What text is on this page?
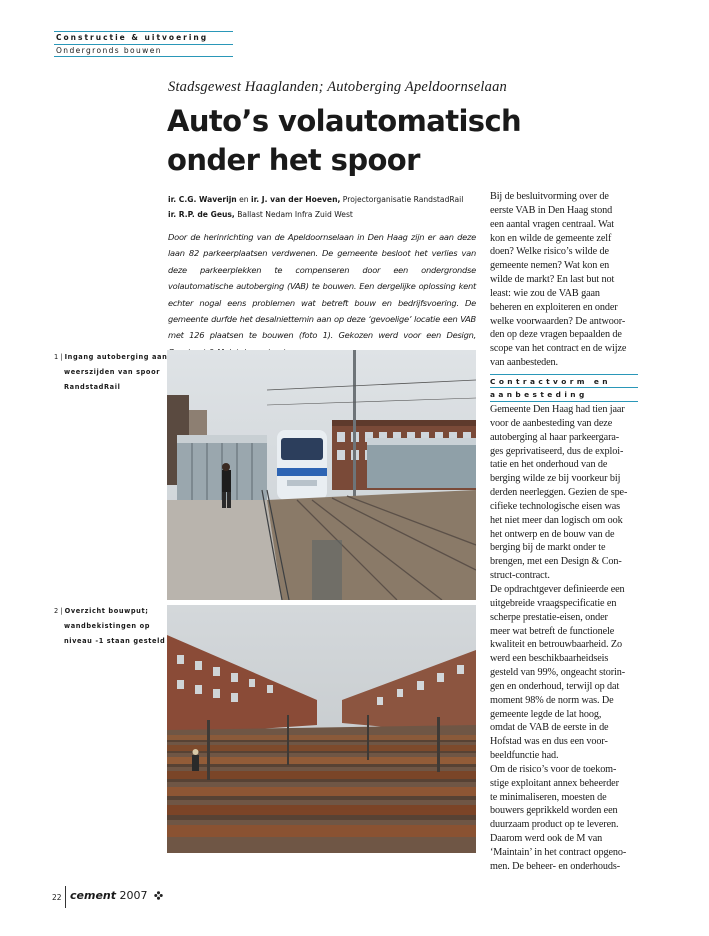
Constructie & uitvoering
Ondergronds bouwen
Stadsgewest Haaglanden; Autoberging Apeldoornselaan
Auto’s volautomatisch
onder het spoor
ir. C.G. Waverijn en ir. J. van der Hoeven, Projectorganisatie RandstadRail
ir. R.P. de Geus, Ballast Nedam Infra Zuid West
Door de herinrichting van de Apeldoornselaan in Den Haag zijn er aan deze laan 82 parkeerplaatsen verdwenen. De gemeente besloot het verlies van deze parkeerplekken te compenseren door een ondergrondse volautomatische autoberging (VAB) te bouwen. Een dergelijke oplossing kent echter nogal eens problemen wat betreft bouw en bedrijfsvoering. De gemeente durfde het desalniettemin aan op deze ‘gevoelige’ locatie een VAB met 126 plaatsen te bouwen (foto 1). Gekozen werd voor een Design,
1 | Ingang autoberging aan
weerszijden van spoor
RandstadRail
2 | Overzicht bouwput;
wandbekistingen op
niveau -1 staan gesteld
Bij de besluitvorming over de
eerste VAB in Den Haag stond
een aantal vragen centraal. Wat
kon en wilde de gemeente zelf
doen? Welke risico’s wilde de
gemeente nemen? Wat kon en
wilde de markt? En last but not
least: wie zou de VAB gaan
beheren en exploiteren en onder
welke voorwaarden? De antwoor-
den op deze vragen bepaalden de
scope van het contract en de wijze
van aanbesteden.
Contractvorm en
aanbesteding
Gemeente Den Haag had tien jaar
voor de aanbesteding van deze
autoberging al haar parkeergara-
ges geprivatiseerd, dus de exploi-
tatie en het onderhoud van de
berging wilde ze bij voorkeur bij
derden neerleggen. Gezien de spe-
cifieke technologische eisen was
het niet meer dan logisch om ook
het ontwerp en de bouw van de
berging bij de markt onder te
brengen, met een Design & Con-
struct-contract.
De opdrachtgever definieerde een
uitgebreide vraagspecificatie en
scherpe prestatie-eisen, onder
meer wat betreft de functionele
kwaliteit en betrouwbaarheid. Zo
werd een beschikbaarheidseis
gesteld van 99%, ongeacht storin-
gen en onderhoud, terwijl op dat
moment 98% de norm was. De
gemeente legde de lat hoog,
omdat de VAB de eerste in de
Hofstad was en dus een voor-
beeldfunctie had.
Om de risico’s voor de toekom-
stige exploitant annex beheerder
te minimaliseren, moesten de
bouwers geprikkeld worden een
duurzaam product op te leveren.
Daarom werd ook de M van
‘Maintain’ in het contract opgeno-
men. De beheer- en onderhouds-
22 cement 2007
